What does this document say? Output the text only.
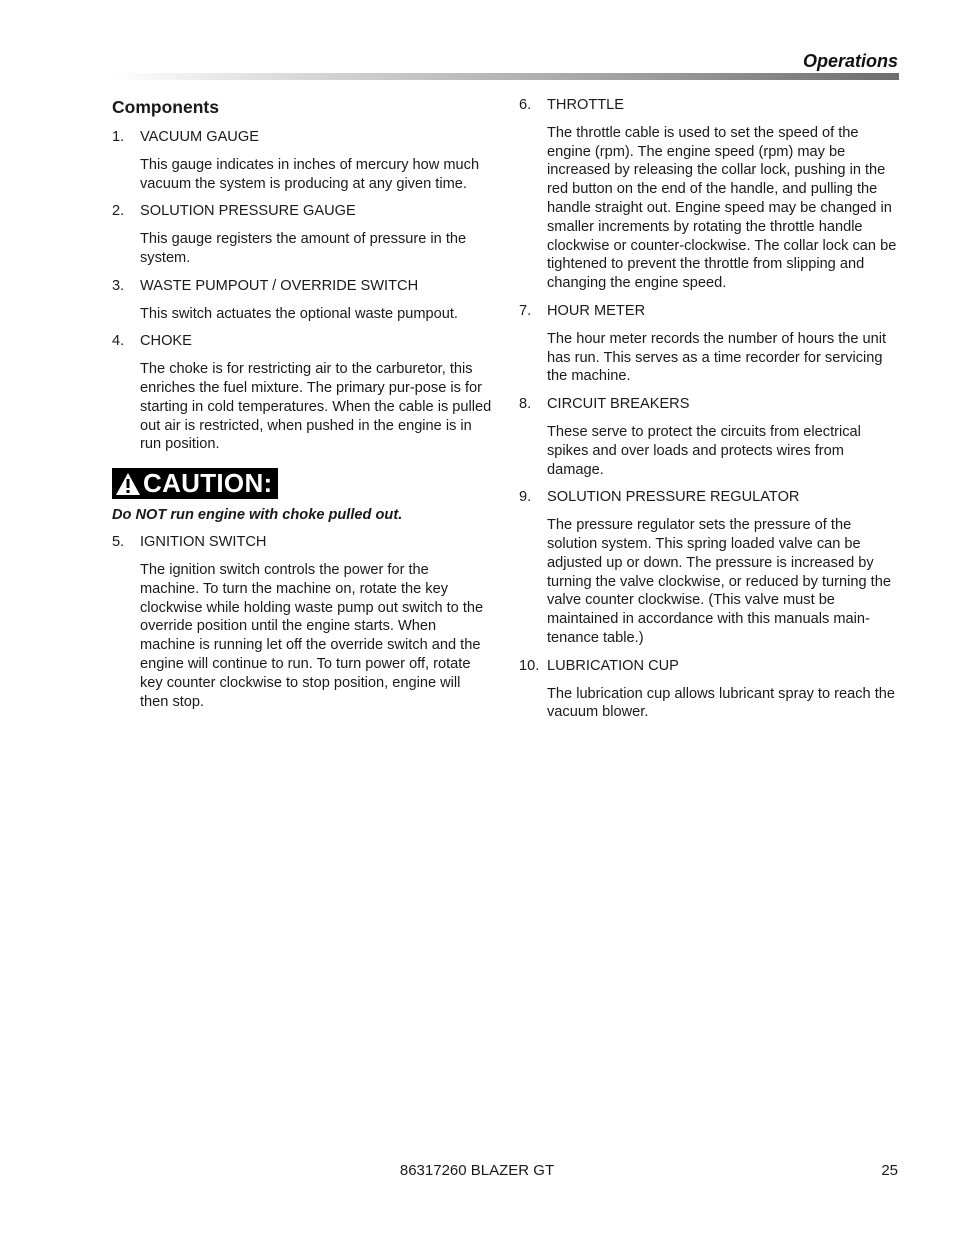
Operations
Components
1.	VACUUM GAUGE
This gauge indicates in inches of mercury how much vacuum the system is producing at any given time.
2.	SOLUTION PRESSURE GAUGE
This gauge registers the amount of pressure in the system.
3.	WASTE PUMPOUT / OVERRIDE SWITCH
This switch actuates the optional waste pumpout.
4.	CHOKE
The choke is for restricting air to the carburetor, this enriches the fuel mixture. The primary pur-pose is for starting in cold temperatures. When the cable is pulled out air is restricted, when pushed in the engine is in run position.
CAUTION:
Do NOT run engine with choke pulled out.
5.	IGNITION SWITCH
The ignition switch controls the power for the machine. To turn the machine on, rotate the key clockwise while holding waste pump out switch to the override position until the engine starts. When machine is running let off the override switch and the engine will continue to run. To turn power off, rotate key counter clockwise to stop position, engine will then stop.
6.	THROTTLE
The throttle cable is used to set the speed of the engine (rpm). The engine speed (rpm) may be increased by releasing the collar lock, pushing in the red button on the end of the handle, and pulling the handle straight out. Engine speed may be changed in smaller increments by rotating the throttle handle clockwise or counter-clockwise. The collar lock can be tightened to prevent the throttle from slipping and changing the engine speed.
7.	HOUR METER
The hour meter records the number of hours the unit has run. This serves as a time recorder for servicing the machine.
8.	CIRCUIT BREAKERS
These serve to protect the circuits from electrical spikes and over loads and protects wires from damage.
9.	SOLUTION PRESSURE REGULATOR
The pressure regulator sets the pressure of the solution system. This spring loaded valve can be adjusted up or down. The pressure is increased by turning the valve clockwise, or reduced by turning the valve counter clockwise. (This valve must be maintained in accordance with this manuals main-tenance table.)
10. LUBRICATION CUP
The lubrication cup allows lubricant spray to reach the vacuum blower.
86317260 BLAZER GT	25
